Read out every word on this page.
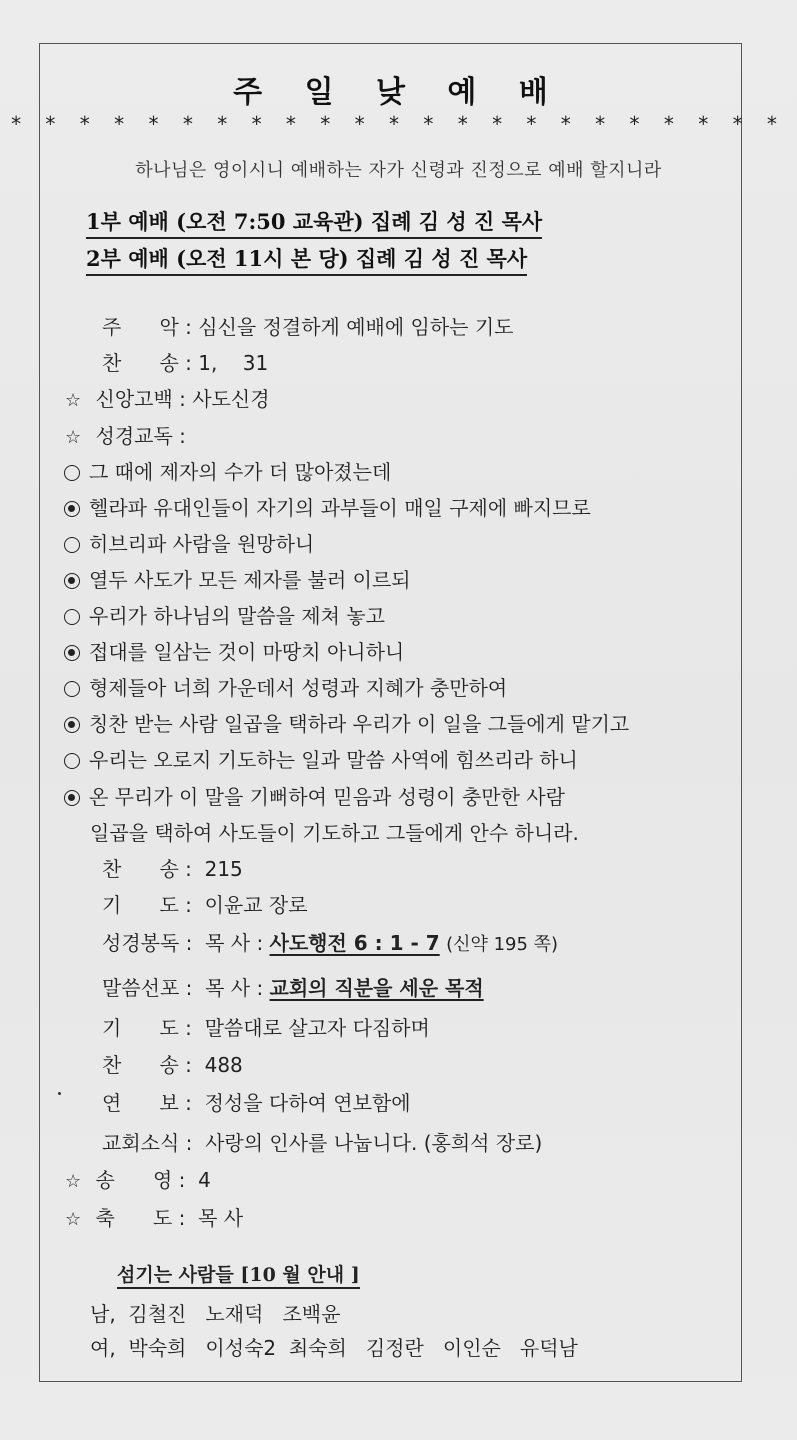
주 일 낮 예 배
* * * * * * * * * * * * * * * * * * * * * * *
하나님은 영이시니 예배하는 자가 신령과 진정으로 예배 할지니라
1부 예배 (오전 7:50 교육관) 집례 김 성 진 목사
2부 예배 (오전 11시 본 당) 집례 김 성 진 목사
주      악 : 심신을 정결하게 예배에 임하는 기도
찬      송 : 1,    31
☆ 신앙고백 : 사도신경
☆ 성경교독 :
그 때에 제자의 수가 더 많아졌는데
헬라파 유대인들이 자기의 과부들이 매일 구제에 빠지므로
히브리파 사람을 원망하니
열두 사도가 모든 제자를 불러 이르되
우리가 하나님의 말씀을 제쳐 놓고
접대를 일삼는 것이 마땅치 아니하니
형제들아 너희 가운데서 성령과 지혜가 충만하여
칭찬 받는 사람 일곱을 택하라 우리가 이 일을 그들에게 맡기고
우리는 오로지 기도하는 일과 말씀 사역에 힘쓰리라 하니
온 무리가 이 말을 기뻐하여 믿음과 성령이 충만한 사람
일곱을 택하여 사도들이 기도하고 그들에게 안수 하니라.
찬      송 :  215
기      도 :  이윤교 장로
성경봉독 :  목 사 : 사도행전 6 : 1 - 7 (신약 195 쪽)
말씀선포 :  목 사 : 교회의 직분을 세운 목적
기      도 :  말씀대로 살고자 다짐하며
찬      송 :  488
연      보 :  정성을 다하여 연보함에
교회소식 :  사랑의 인사를 나눕니다. (홍희석 장로)
☆ 송      영 :  4
☆ 축      도 :  목 사
섬기는 사람들 [10 월 안내 ]
남,  김철진   노재덕   조백윤
여,  박숙희   이성숙2  최숙희   김정란   이인순   유덕남
